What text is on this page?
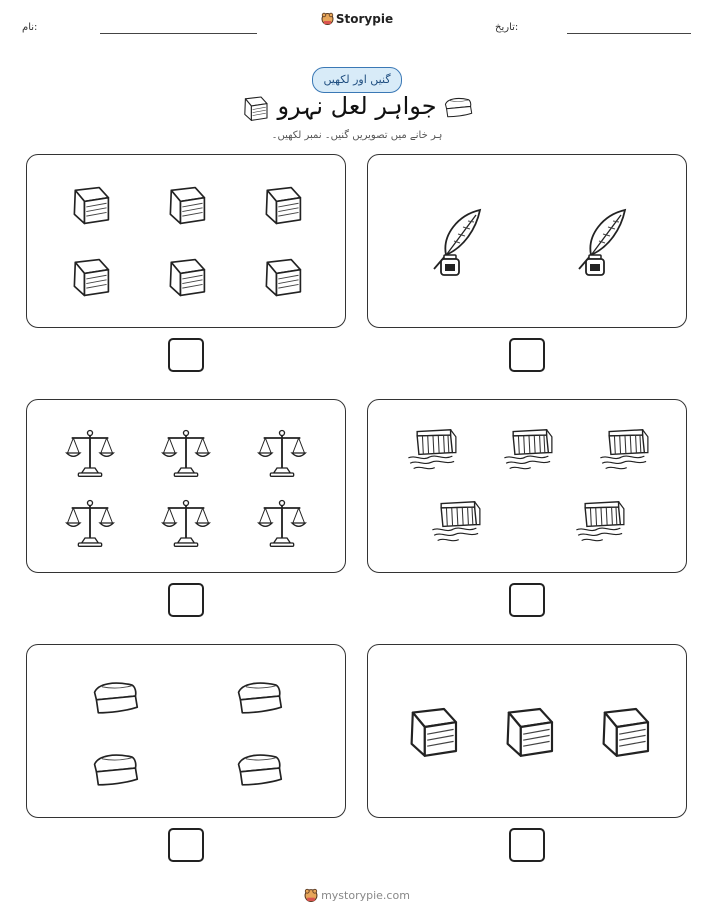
نام:	تاریخ:
Storypie
گنیں اور لکھیں
جواہر لعل نہرو
ہر خانے میں تصویریں گنیں۔ نمبر لکھیں۔
mystorypie.com
